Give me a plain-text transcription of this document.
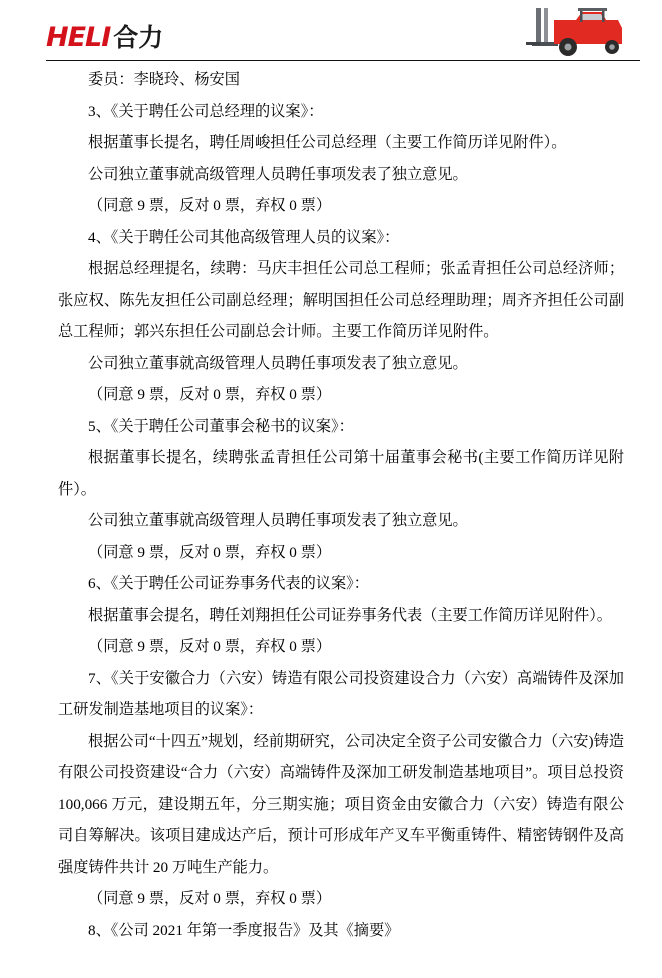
HELI 合力

委员：李晓玲、杨安国

3、《关于聘任公司总经理的议案》：

根据董事长提名，聘任周峻担任公司总经理（主要工作简历详见附件）。

公司独立董事就高级管理人员聘任事项发表了独立意见。

（同意 9 票，反对 0 票，弃权 0 票）

4、《关于聘任公司其他高级管理人员的议案》：

根据总经理提名，续聘：马庆丰担任公司总工程师；张孟青担任公司总经济师；张应权、陈先友担任公司副总经理；解明国担任公司总经理助理；周齐齐担任公司副总工程师；郭兴东担任公司副总会计师。主要工作简历详见附件。

公司独立董事就高级管理人员聘任事项发表了独立意见。

（同意 9 票，反对 0 票，弃权 0 票）

5、《关于聘任公司董事会秘书的议案》：

根据董事长提名，续聘张孟青担任公司第十届董事会秘书(主要工作简历详见附件）。

公司独立董事就高级管理人员聘任事项发表了独立意见。

（同意 9 票，反对 0 票，弃权 0 票）

6、《关于聘任公司证券事务代表的议案》：

根据董事会提名，聘任刘翔担任公司证券事务代表（主要工作简历详见附件）。

（同意 9 票，反对 0 票，弃权 0 票）

7、《关于安徽合力（六安）铸造有限公司投资建设合力（六安）高端铸件及深加工研发制造基地项目的议案》：

根据公司“十四五”规划，经前期研究，公司决定全资子公司安徽合力（六安)铸造有限公司投资建设“合力（六安）高端铸件及深加工研发制造基地项目”。项目总投资 100,066 万元，建设期五年，分三期实施；项目资金由安徽合力（六安）铸造有限公司自筹解决。该项目建成达产后，预计可形成年产叉车平衡重铸件、精密铸钢件及高强度铸件共计 20 万吨生产能力。

（同意 9 票，反对 0 票，弃权 0 票）

8、《公司 2021 年第一季度报告》及其《摘要》
